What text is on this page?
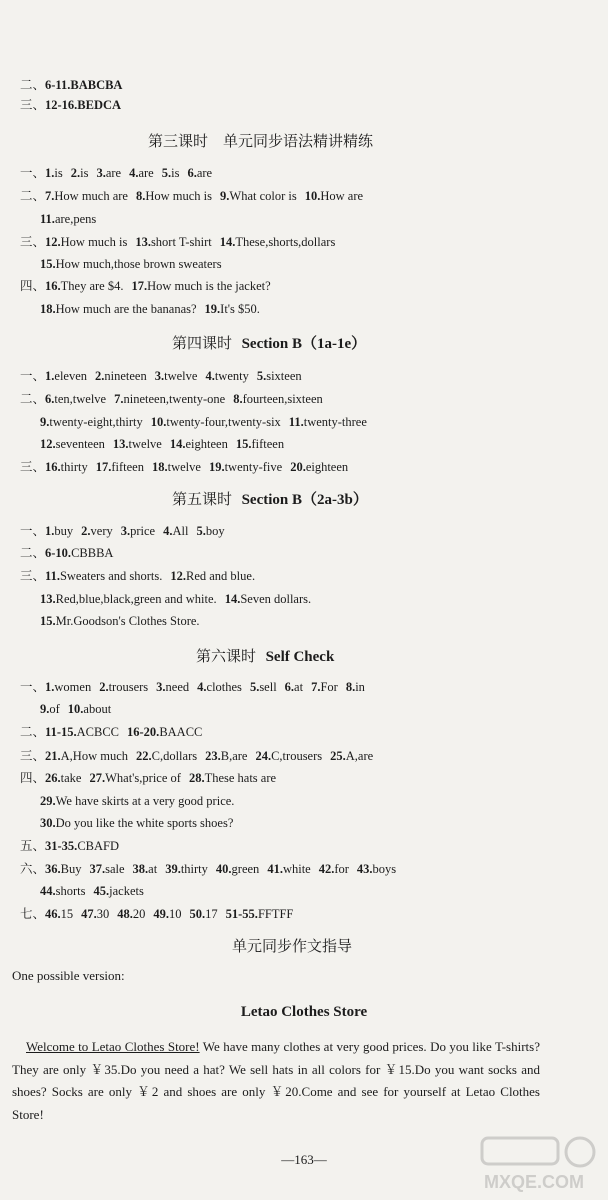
二、6-11.BABCBA
三、12-16.BEDCA
第三课时　单元同步语法精讲精练
一、1.is 2.is 3.are 4.are 5.is 6.are
二、7.How much are 8.How much is 9.What color is 10.How are
11.are,pens
三、12.How much is 13.short T-shirt 14.These,shorts,dollars
15.How much,those brown sweaters
四、16.They are $4. 17.How much is the jacket?
18.How much are the bananas? 19.It's $50.
第四课时 Section B（1a-1e）
一、1.eleven 2.nineteen 3.twelve 4.twenty 5.sixteen
二、6.ten,twelve 7.nineteen,twenty-one 8.fourteen,sixteen
9.twenty-eight,thirty 10.twenty-four,twenty-six 11.twenty-three
12.seventeen 13.twelve 14.eighteen 15.fifteen
三、16.thirty 17.fifteen 18.twelve 19.twenty-five 20.eighteen
第五课时 Section B（2a-3b）
一、1.buy 2.very 3.price 4.All 5.boy
二、6-10.CBBBA
三、11.Sweaters and shorts. 12.Red and blue.
13.Red,blue,black,green and white. 14.Seven dollars.
15.Mr.Goodson's Clothes Store.
第六课时 Self Check
一、1.women 2.trousers 3.need 4.clothes 5.sell 6.at 7.For 8.in
9.of 10.about
二、11-15.ACBCC 16-20.BAACC
三、21.A,How much 22.C,dollars 23.B,are 24.C,trousers 25.A,are
四、26.take 27.What's,price of 28.These hats are
29.We have skirts at a very good price.
30.Do you like the white sports shoes?
五、31-35.CBAFD
六、36.Buy 37.sale 38.at 39.thirty 40.green 41.white 42.for 43.boys
44.shorts 45.jackets
七、46.15 47.30 48.20 49.10 50.17 51-55.FFTFF
单元同步作文指导
One possible version:
Letao Clothes Store
Welcome to Letao Clothes Store! We have many clothes at very good prices. Do you like T-shirts? They are only ￥35.Do you need a hat? We sell hats in all colors for ￥15.Do you want socks and shoes? Socks are only ￥2 and shoes are only ￥20.Come and see for yourself at Letao Clothes Store!
—163—
MXQE.COM
